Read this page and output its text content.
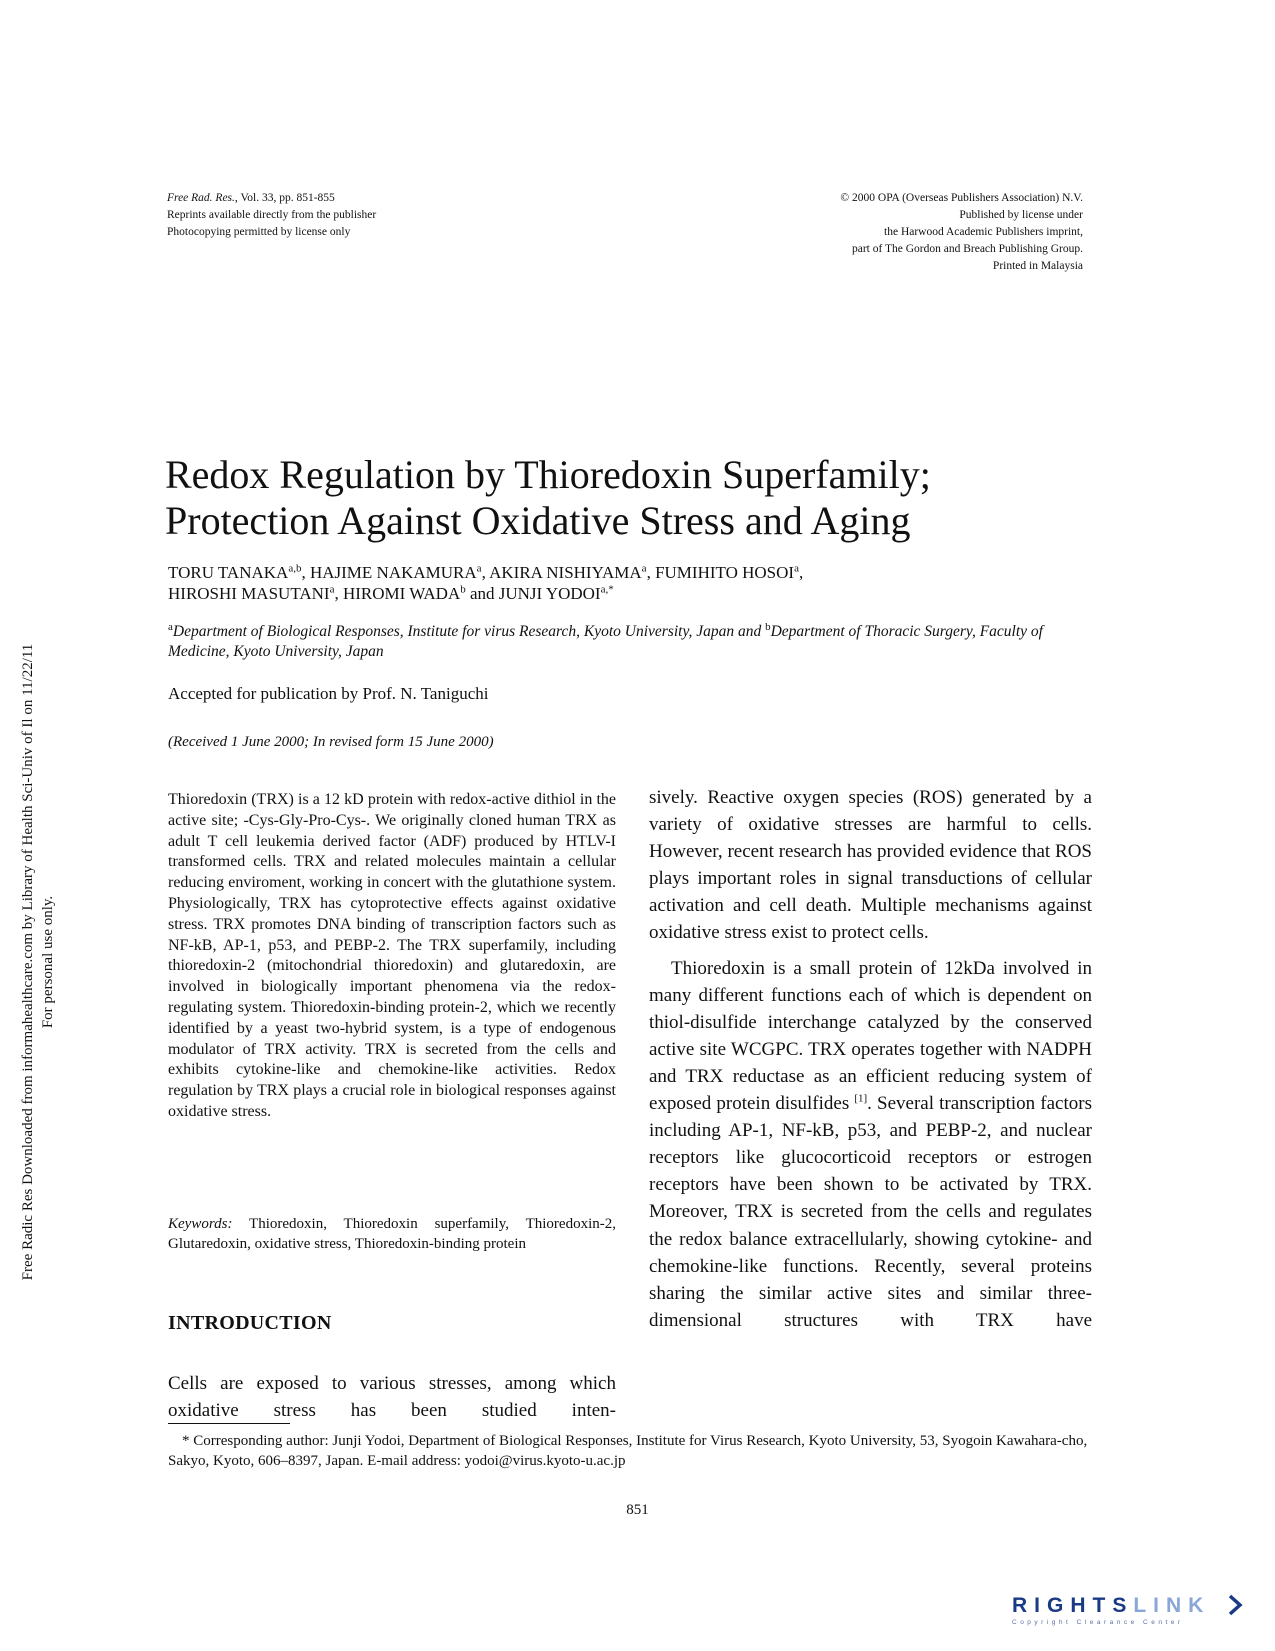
Free Rad. Res., Vol. 33, pp. 851-855
Reprints available directly from the publisher
Photocopying permitted by license only
© 2000 OPA (Overseas Publishers Association) N.V.
Published by license under
the Harwood Academic Publishers imprint,
part of The Gordon and Breach Publishing Group.
Printed in Malaysia
Free Radic Res Downloaded from informahealthcare.com by Library of Health Sci-Univ of Il on 11/22/11 For personal use only.
Redox Regulation by Thioredoxin Superfamily;
Protection Against Oxidative Stress and Aging
TORU TANAKA$^{a,b}$, HAJIME NAKAMURA$^a$, AKIRA NISHIYAMA$^a$, FUMIHITO HOSOI$^a$,
HIROSHI MASUTANI$^a$, HIROMI WADA$^b$ and JUNJI $YODOI^{a,*}$
$^a$Department of Biological Responses, Institute for virus Research, Kyoto University, Japan and $^b$Department of Thoracic Surgery, Faculty of Medicine, Kyoto University, Japan
Accepted for publication by Prof. N. Taniguchi
(Received 1 June 2000; In revised form 15 June 2000)

Thioredoxin (TRX) is a 12 kD protein with redox-active dithiol in the active site; -Cys-Gly-Pro-Cys-. We originally cloned human TRX as adult T cell leukemia derived factor (ADF) produced by HTLV-I transformed cells. TRX and related molecules maintain a cellular reducing enviroment, working in concert with the glutathione system. Physiologically, TRX has cytoprotective effects against oxidative stress. TRX promotes DNA binding of transcription factors such as NF-kB, AP-1, p53, and PEBP-2. The TRX superfamily, including thioredoxin-2 (mitochondrial thioredoxin) and glutaredoxin, are involved in biologically important phenomena via the redox-regulating system. Thioredoxin-binding protein-2, which we recently identified by a yeast two-hybrid system, is a type of endogenous modulator of TRX activity. TRX is secreted from the cells and exhibits cytokine-like and chemokine-like activities. Redox regulation by TRX plays a crucial role in biological responses against oxidative stress.

Keywords: Thioredoxin, Thioredoxin superfamily, Thioredoxin-2, Glutaredoxin, oxidative stress, Thioredoxin-binding protein

INTRODUCTION

Cells are exposed to various stresses, among which oxidative stress has been studied inten-

sively. Reactive oxygen species (ROS) generated by a variety of oxidative stresses are harmful to cells. However, recent research has provided evidence that ROS plays important roles in signal transductions of cellular activation and cell death. Multiple mechanisms against oxidative stress exist to protect cells.

Thioredoxin is a small protein of 12kDa involved in many different functions each of which is dependent on thiol-disulfide interchange catalyzed by the conserved active site WCGPC. TRX operates together with NADPH and TRX reductase as an efficient reducing system of exposed protein disulfides [1]. Several transcription factors including AP-1, NF-kB, p53, and PEBP-2, and nuclear receptors like glucocorticoid receptors or estrogen receptors have been shown to be activated by TRX. Moreover, TRX is secreted from the cells and regulates the redox balance extracellularly, showing cytokine- and chemokine-like functions. Recently, several proteins sharing the similar active sites and similar three-dimensional structures with TRX have

* Corresponding author: Junji Yodoi, Department of Biological Responses, Institute for Virus Research, Kyoto University, 53, Syogoin Kawahara-cho, Sakyo, Kyoto, 606–8397, Japan. E-mail address: yodoi@virus.kyoto-u.ac.jp
851
RIGHTSLINK
Copyright Clearance Center
